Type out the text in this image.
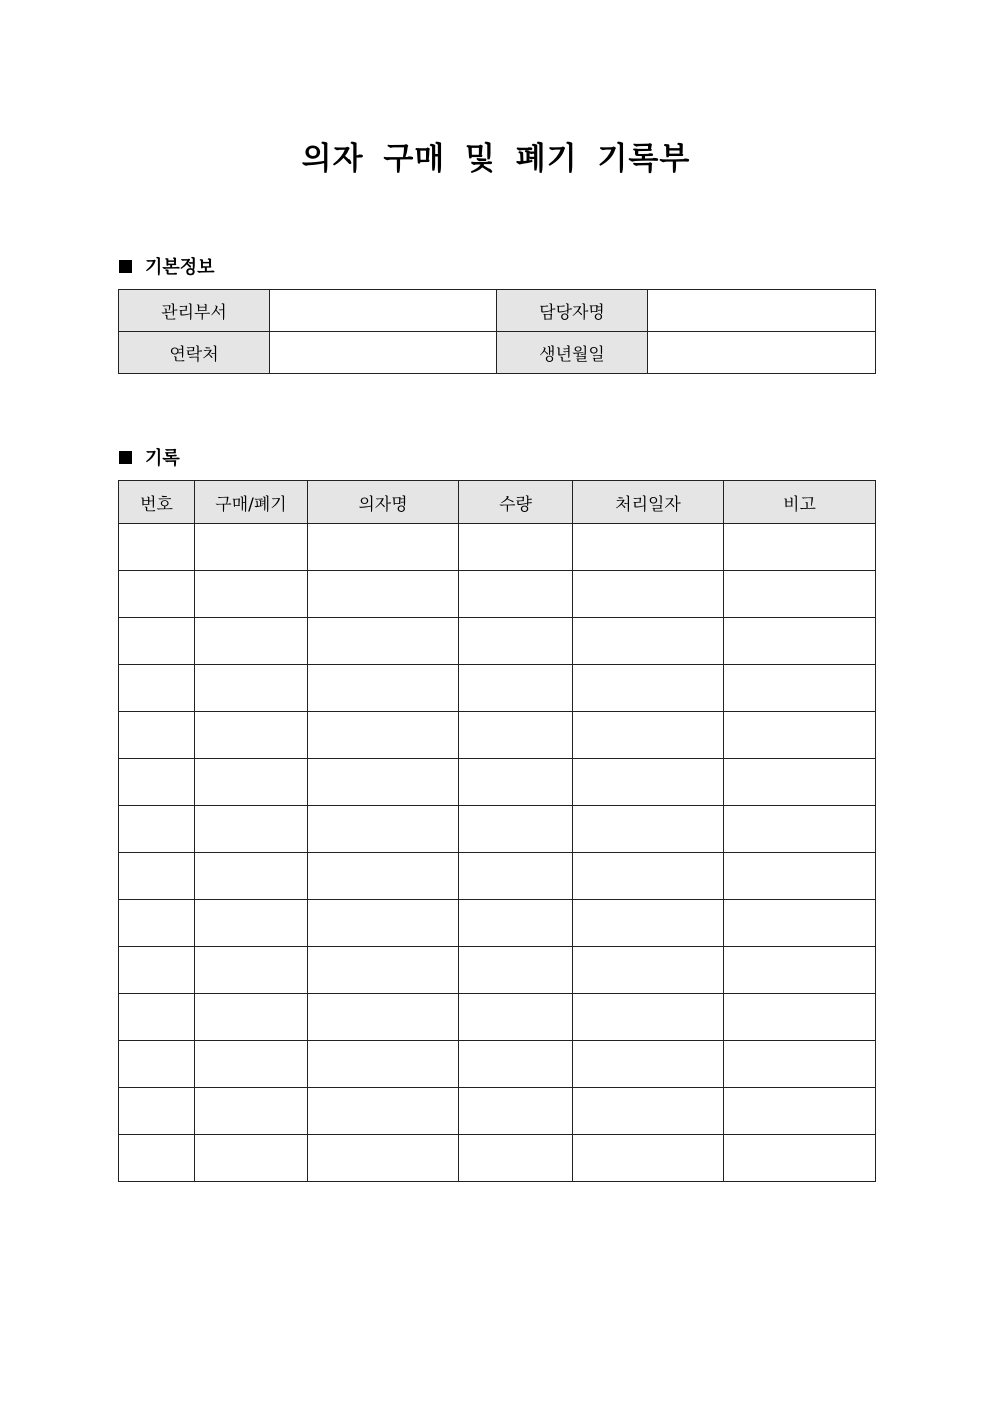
의자 구매 및 폐기 기록부
기본정보
관리부서		담당자명	
연락처		생년월일	
기록
번호	구매/폐기	의자명	수량	처리일자	비고
